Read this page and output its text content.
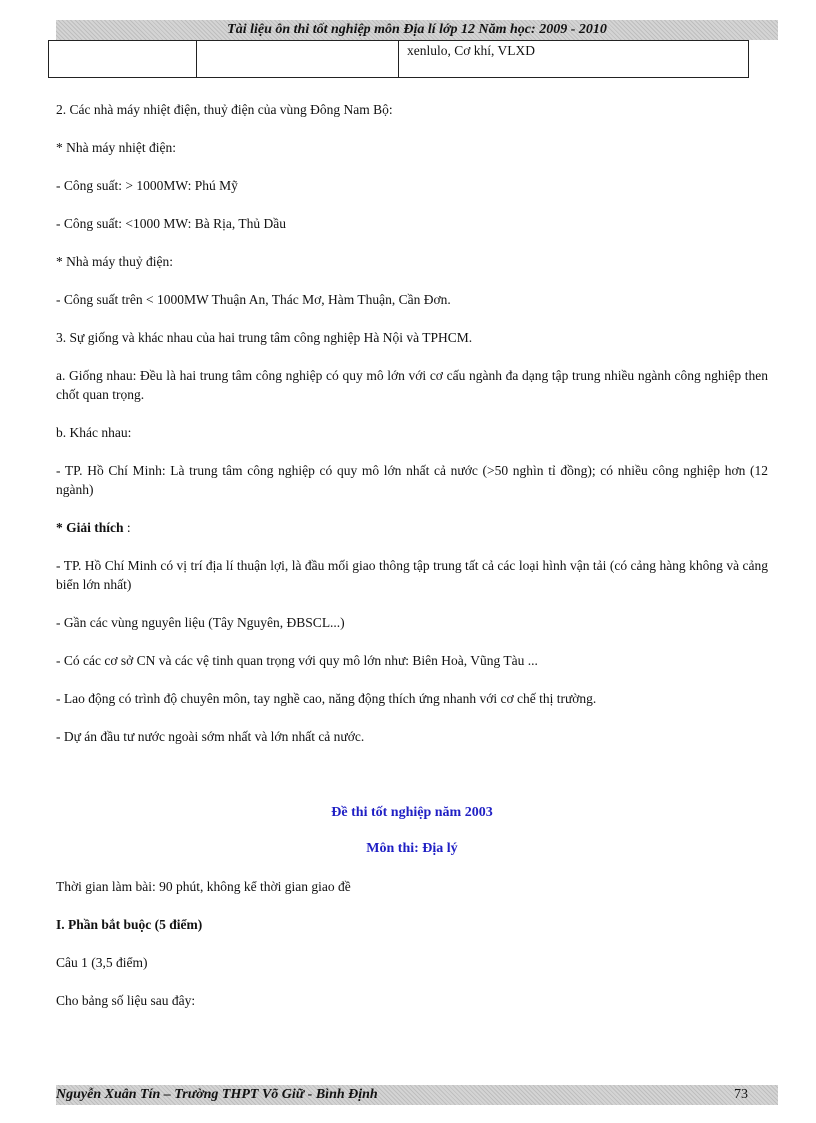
Tài liệu ôn thi tốt nghiệp môn Địa lí lớp 12 Năm học: 2009 - 2010
		xenlulo, Cơ khí, VLXD

2. Các nhà máy nhiệt điện, thuỷ điện của vùng Đông Nam Bộ:

* Nhà máy nhiệt điện:

- Công suất: > 1000MW: Phú Mỹ

- Công suất: <1000 MW: Bà Rịa, Thủ Dầu

* Nhà máy thuỷ điện:

- Công suất trên < 1000MW Thuận An, Thác Mơ, Hàm Thuận, Cần Đơn.

3. Sự giống và khác nhau của hai trung tâm công nghiệp Hà Nội và TPHCM.

a. Giống nhau: Đều là hai trung tâm công nghiệp có quy mô lớn với cơ cấu ngành đa dạng tập trung nhiều ngành công nghiệp then chốt quan trọng.

b. Khác nhau:

- TP. Hồ Chí Minh: Là trung tâm công nghiệp có quy mô lớn nhất cả nước (>50 nghìn tỉ đồng); có nhiều công nghiệp hơn (12 ngành)

* Giải thích :

- TP. Hồ Chí Minh có vị trí địa lí thuận lợi, là đầu mối giao thông tập trung tất cả các loại hình vận tải (có cảng hàng không và cảng biển lớn nhất)

- Gần các vùng nguyên liệu (Tây Nguyên, ĐBSCL...)

- Có các cơ sở CN và các vệ tinh quan trọng với quy mô lớn như: Biên Hoà, Vũng Tàu ...

- Lao động có trình độ chuyên môn, tay nghề cao, năng động thích ứng nhanh với cơ chế thị trường.

- Dự án đầu tư nước ngoài sớm nhất và lớn nhất cả nước.

Đề thi tốt nghiệp năm 2003

Môn thi: Địa lý

Thời gian làm bài: 90 phút, không kể thời gian giao đề

I. Phần bắt buộc (5 điểm)

Câu 1 (3,5 điểm)

Cho bảng số liệu sau đây:

Nguyễn Xuân Tín – Trường THPT Võ Giữ - Bình Định	73
